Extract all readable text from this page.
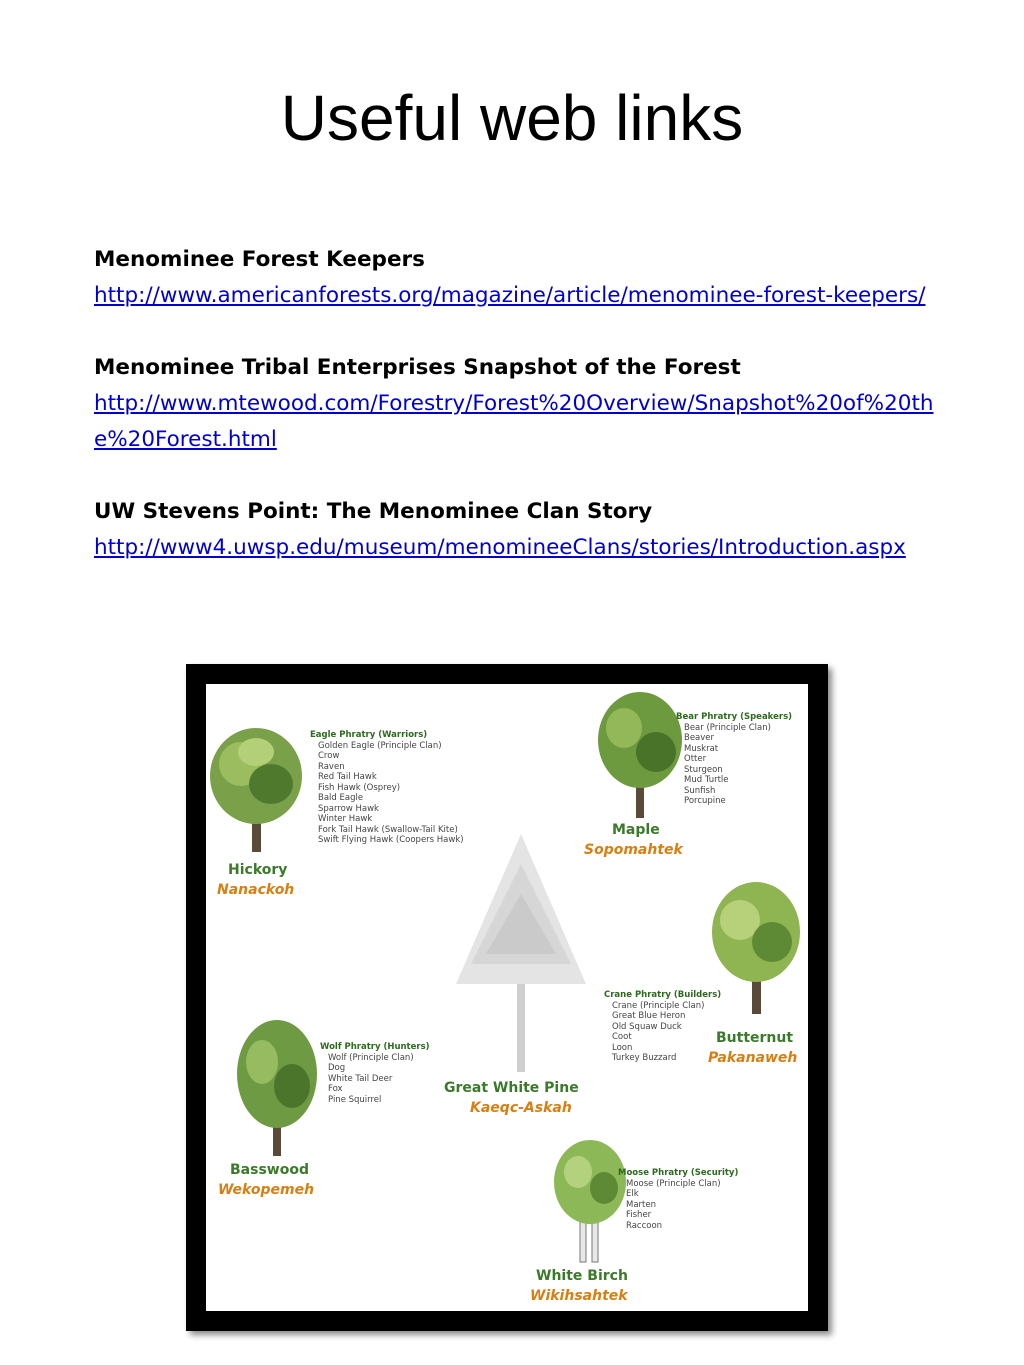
Useful web links
Menominee Forest Keepers
http://www.americanforests.org/magazine/article/menominee-forest-keepers/
Menominee Tribal Enterprises Snapshot of the Forest
http://www.mtewood.com/Forestry/Forest%20Overview/Snapshot%20of%20the%20Forest.html
UW Stevens Point: The Menominee Clan Story
http://www4.uwsp.edu/museum/menomineeClans/stories/Introduction.aspx
Hickory
Nanackoh
Eagle Phratry (Warriors)
Golden Eagle (Principle Clan)
Crow
Raven
Red Tail Hawk
Fish Hawk (Osprey)
Bald Eagle
Sparrow Hawk
Winter Hawk
Fork Tail Hawk (Swallow-Tail Kite)
Swift Flying Hawk (Coopers Hawk)
Maple
Sopomahtek
Bear Phratry (Speakers)
Bear (Principle Clan)
Beaver
Muskrat
Otter
Sturgeon
Mud Turtle
Sunfish
Porcupine
Great White Pine
Kaeqc-Askah
Butternut
Pakanaweh
Crane Phratry (Builders)
Crane (Principle Clan)
Great Blue Heron
Old Squaw Duck
Coot
Loon
Turkey Buzzard
Basswood
Wekopemeh
Wolf Phratry (Hunters)
Wolf (Principle Clan)
Dog
White Tail Deer
Fox
Pine Squirrel
White Birch
Wikihsahtek
Moose Phratry (Security)
Moose (Principle Clan)
Elk
Marten
Fisher
Raccoon
